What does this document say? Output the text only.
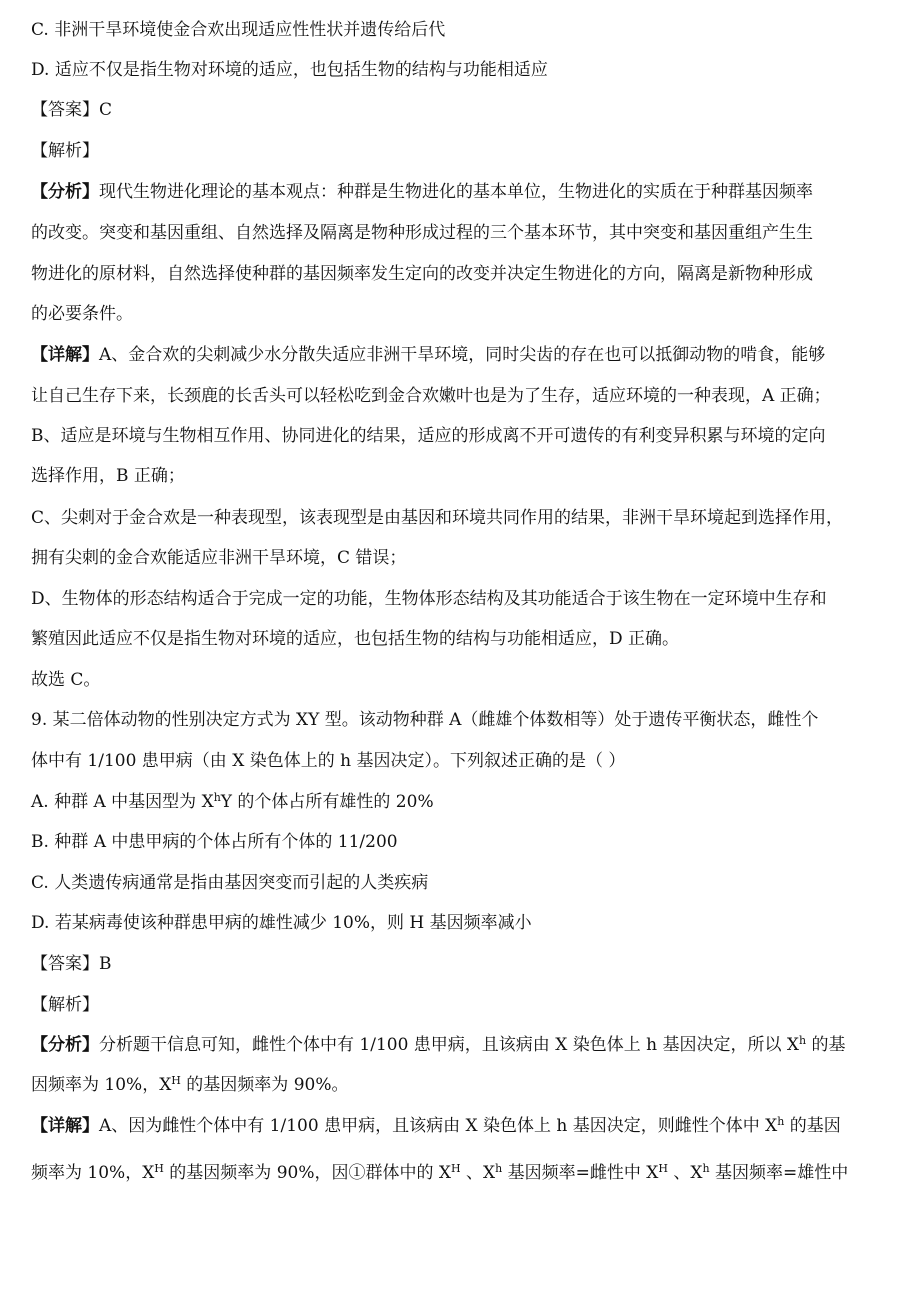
C. 非洲干旱环境使金合欢出现适应性性状并遗传给后代
D. 适应不仅是指生物对环境的适应，也包括生物的结构与功能相适应
【答案】C
【解析】
【分析】现代生物进化理论的基本观点：种群是生物进化的基本单位，生物进化的实质在于种群基因频率
的改变。突变和基因重组、自然选择及隔离是物种形成过程的三个基本环节，其中突变和基因重组产生生
物进化的原材料，自然选择使种群的基因频率发生定向的改变并决定生物进化的方向，隔离是新物种形成
的必要条件。
【详解】A、金合欢的尖刺减少水分散失适应非洲干旱环境，同时尖齿的存在也可以抵御动物的啃食，能够
让自己生存下来，长颈鹿的长舌头可以轻松吃到金合欢嫩叶也是为了生存，适应环境的一种表现，A 正确；
B、适应是环境与生物相互作用、协同进化的结果，适应的形成离不开可遗传的有利变异积累与环境的定向
选择作用，B 正确；
C、尖刺对于金合欢是一种表现型，该表现型是由基因和环境共同作用的结果，非洲干旱环境起到选择作用，
拥有尖刺的金合欢能适应非洲干旱环境，C 错误；
D、生物体的形态结构适合于完成一定的功能，生物体形态结构及其功能适合于该生物在一定环境中生存和
繁殖因此适应不仅是指生物对环境的适应，也包括生物的结构与功能相适应，D 正确。
故选 C。
9. 某二倍体动物的性别决定方式为 XY 型。该动物种群 A（雌雄个体数相等）处于遗传平衡状态，雌性个
体中有 1/100 患甲病（由 X 染色体上的 h 基因决定）。下列叙述正确的是（ ）
A. 种群 A 中基因型为 $X^hY$ 的个体占所有雄性的 20%
B. 种群 A 中患甲病的个体占所有个体的 11/200
C. 人类遗传病通常是指由基因突变而引起的人类疾病
D. 若某病毒使该种群患甲病的雄性减少 10%，则 H 基因频率减小
【答案】B
【解析】
【分析】分析题干信息可知，雌性个体中有 1/100 患甲病，且该病由 X 染色体上 h 基因决定，所以 $X^h$ 的基
因频率为 10%，$X^H$ 的基因频率为 90%。
【详解】A、因为雌性个体中有 1/100 患甲病，且该病由 X 染色体上 h 基因决定，则雌性个体中 $X^h$ 的基因
频率为 10%，$X^H$ 的基因频率为 90%，因①群体中的 $X^H$ 、$X^h$ 基因频率=雌性中 $X^H$ 、$X^h$ 基因频率=雄性中
